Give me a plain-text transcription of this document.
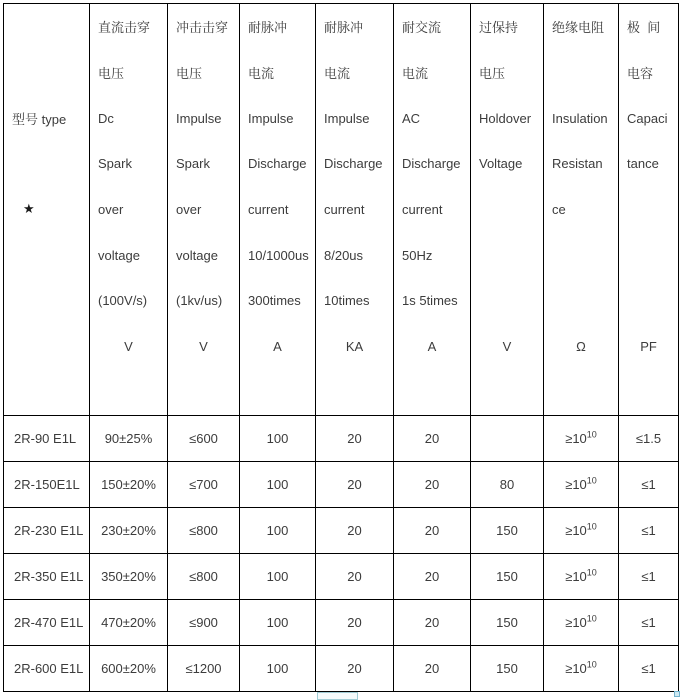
型号 type
★

直流击穿
电压
Dc
Spark
over
voltage
(100V/s)
V

冲击击穿
电压
Impulse
Spark
over
voltage
(1kv/us)
V

耐脉冲
电流
Impulse
Discharge
current
10/1000us
300times
A

耐脉冲
电流
Impulse
Discharge
current
8/20us
10times
KA

耐交流
电流
AC
Discharge
current
50Hz
1s 5times
A

过保持
电压
Holdover
Voltage
V

绝缘电阻
Insulation
Resistan
ce
Ω

极  间
电容
Capaci
tance
PF

2R-90 E1L	90±25%	≤600	100	20	20		$\ge 10^{10}$	≤1.5
2R-150E1L	150±20%	≤700	100	20	20	80	$\ge 10^{10}$	≤1
2R-230 E1L	230±20%	≤800	100	20	20	150	$\ge 10^{10}$	≤1
2R-350 E1L	350±20%	≤800	100	20	20	150	$\ge 10^{10}$	≤1
2R-470 E1L	470±20%	≤900	100	20	20	150	$\ge 10^{10}$	≤1
2R-600 E1L	600±20%	≤1200	100	20	20	150	$\ge 10^{10}$	≤1
